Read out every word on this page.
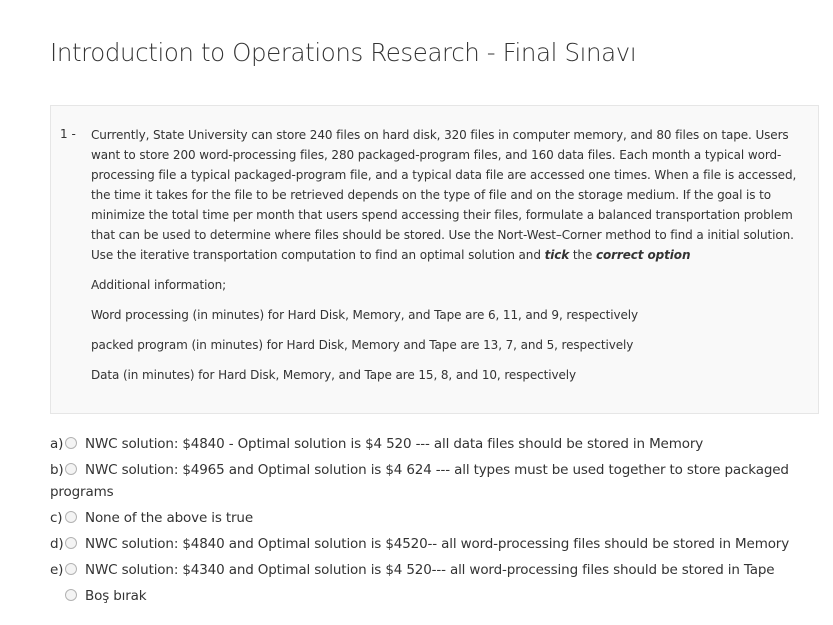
Introduction to Operations Research - Final Sınavı
1 - Currently, State University can store 240 files on hard disk, 320 files in computer memory, and 80 files on tape. Users want to store 200 word-processing files, 280 packaged-program files, and 160 data files. Each month a typical word-processing file a typical packaged-program file, and a typical data file are accessed one times. When a file is accessed, the time it takes for the file to be retrieved depends on the type of file and on the storage medium. If the goal is to minimize the total time per month that users spend accessing their files, formulate a balanced transportation problem that can be used to determine where files should be stored. Use the Nort-West–Corner method to find a initial solution. Use the iterative transportation computation to find an optimal solution and tick the correct option

Additional information;

Word processing (in minutes) for Hard Disk, Memory, and Tape are 6, 11, and 9, respectively

packed program (in minutes) for Hard Disk, Memory and Tape are 13, 7, and 5, respectively

Data (in minutes) for Hard Disk, Memory, and Tape are 15, 8, and 10, respectively

a) NWC solution: $4840 - Optimal solution is $4 520 --- all data files should be stored in Memory
b) NWC solution: $4965 and Optimal solution is $4 624 --- all types must be used together to store packaged programs
c) None of the above is true
d) NWC solution: $4840 and Optimal solution is $4520-- all word-processing files should be stored in Memory
e) NWC solution: $4340 and Optimal solution is $4 520--- all word-processing files should be stored in Tape
Boş bırak
